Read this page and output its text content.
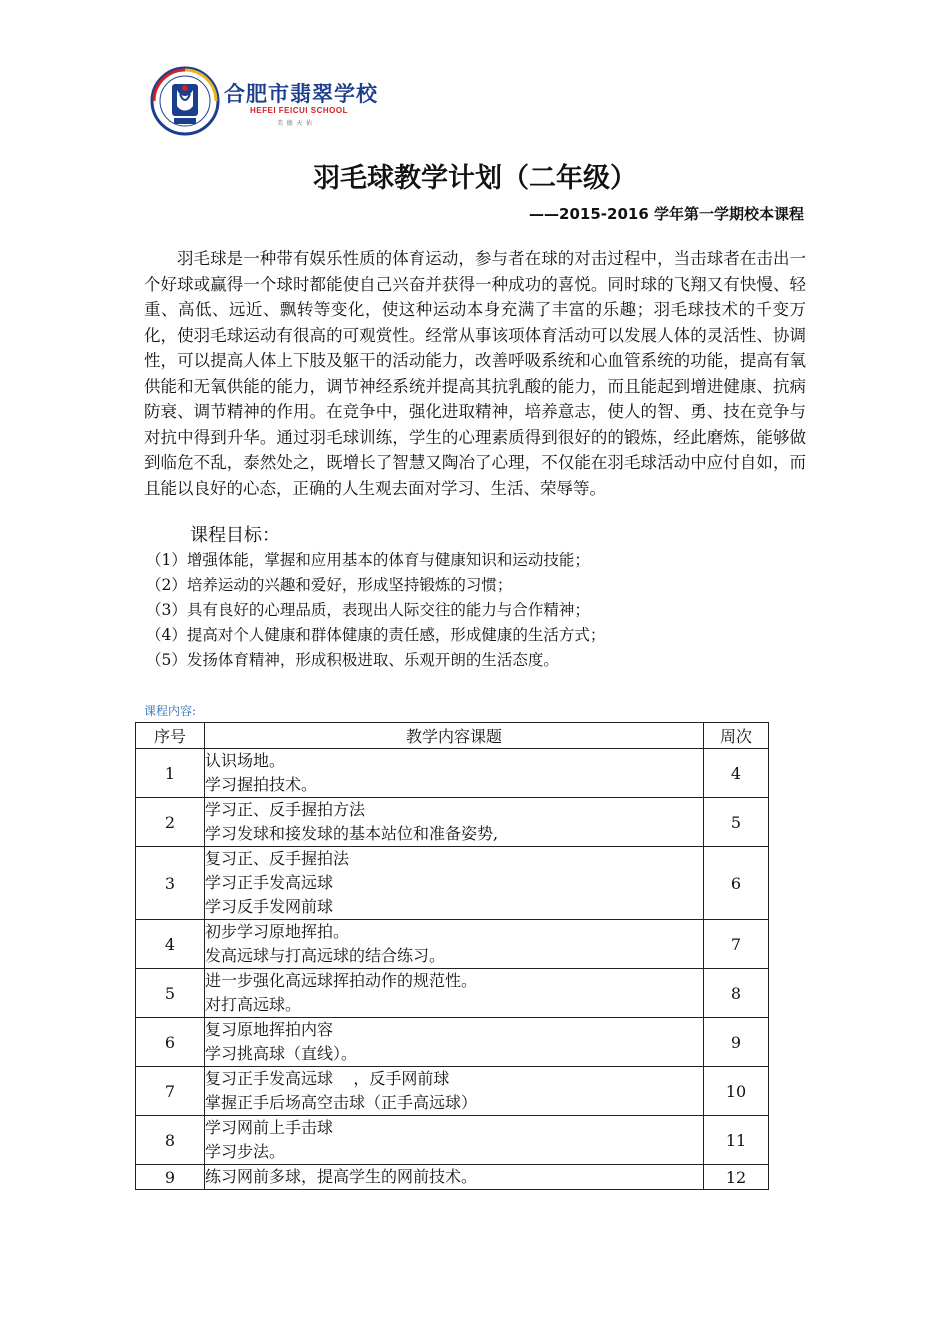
合肥市翡翠学校
HEFEI FEICUI SCHOOL
美 德 天 佑
羽毛球教学计划（二年级）
——2015-2016 学年第一学期校本课程

羽毛球是一种带有娱乐性质的体育运动，参与者在球的对击过程中，当击球者在击出一个好球或赢得一个球时都能使自己兴奋并获得一种成功的喜悦。同时球的飞翔又有快慢、轻重、高低、远近、飘转等变化，使这种运动本身充满了丰富的乐趣；羽毛球技术的千变万化，使羽毛球运动有很高的可观赏性。经常从事该项体育活动可以发展人体的灵活性、协调性，可以提高人体上下肢及躯干的活动能力，改善呼吸系统和心血管系统的功能，提高有氧供能和无氧供能的能力，调节神经系统并提高其抗乳酸的能力，而且能起到增进健康、抗病防衰、调节精神的作用。在竞争中，强化进取精神，培养意志，使人的智、勇、技在竞争与对抗中得到升华。通过羽毛球训练，学生的心理素质得到很好的的锻炼，经此磨炼，能够做到临危不乱，泰然处之，既增长了智慧又陶冶了心理，不仅能在羽毛球活动中应付自如，而且能以良好的心态，正确的人生观去面对学习、生活、荣辱等。

课程目标：
（1）增强体能，掌握和应用基本的体育与健康知识和运动技能；
（2）培养运动的兴趣和爱好，形成坚持锻炼的习惯；
（3）具有良好的心理品质，表现出人际交往的能力与合作精神；
（4）提高对个人健康和群体健康的责任感，形成健康的生活方式；
（5）发扬体育精神，形成积极进取、乐观开朗的生活态度。
课程内容:
序号	教学内容课题	周次
1	认识场地。
学习握拍技术。	4
2	学习正、反手握拍方法
学习发球和接发球的基本站位和准备姿势,	5
3	复习正、反手握拍法
学习正手发高远球
学习反手发网前球	6
4	初步学习原地挥拍。
发高远球与打高远球的结合练习。	7
5	进一步强化高远球挥拍动作的规范性。
对打高远球。	8
6	复习原地挥拍内容
学习挑高球（直线）。	9
7	复习正手发高远球    ，反手网前球
掌握正手后场高空击球（正手高远球）	10
8	学习网前上手击球
学习步法。	11
9	练习网前多球，提高学生的网前技术。	12
